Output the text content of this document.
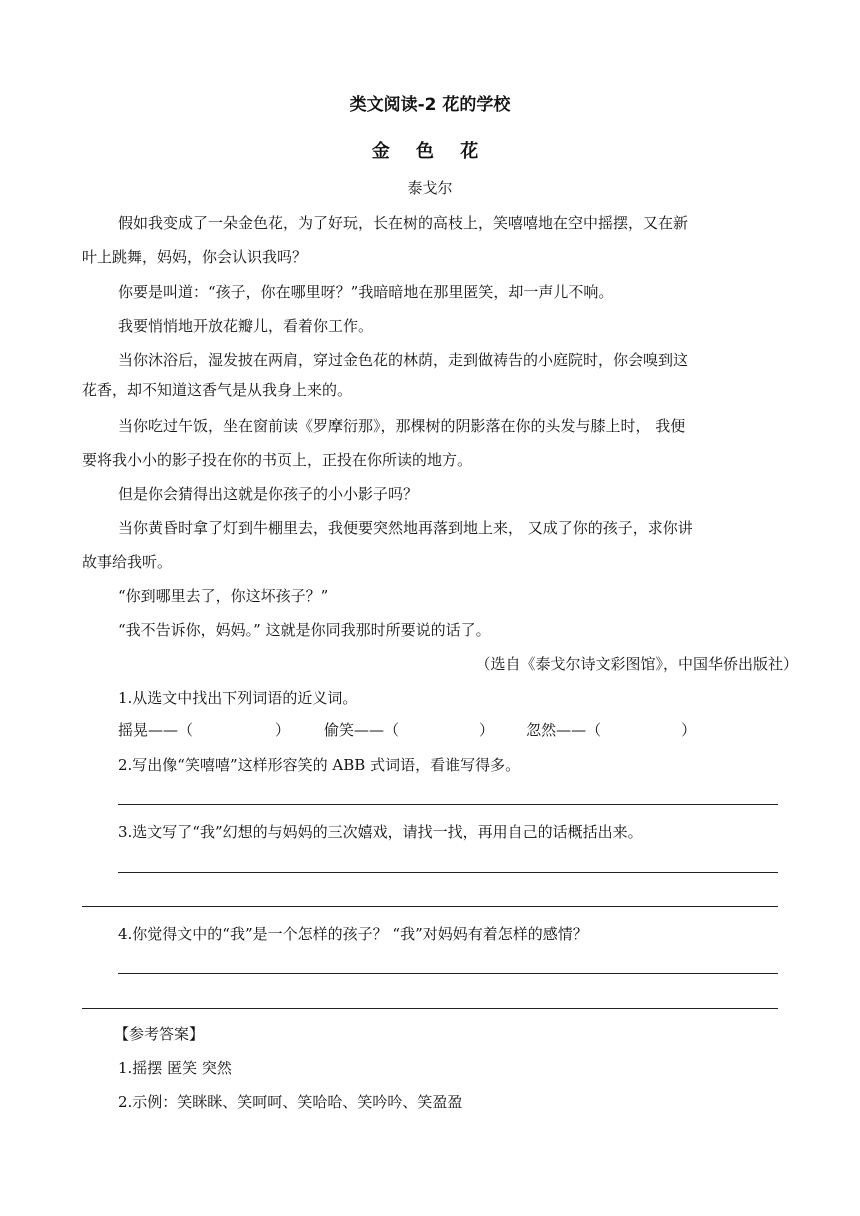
类文阅读-2 花的学校
金 色 花
泰戈尔
假如我变成了一朵金色花，为了好玩，长在树的高枝上，笑嘻嘻地在空中摇摆，又在新
叶上跳舞，妈妈，你会认识我吗？
你要是叫道：“孩子，你在哪里呀？”我暗暗地在那里匿笑，却一声儿不响。
我要悄悄地开放花瓣儿，看着你工作。
当你沐浴后，湿发披在两肩，穿过金色花的林荫，走到做祷告的小庭院时，你会嗅到这
花香，却不知道这香气是从我身上来的。
当你吃过午饭，坐在窗前读《罗摩衍那》，那棵树的阴影落在你的头发与膝上时， 我便
要将我小小的影子投在你的书页上，正投在你所读的地方。
但是你会猜得出这就是你孩子的小小影子吗？
当你黄昏时拿了灯到牛棚里去，我便要突然地再落到地上来， 又成了你的孩子，求你讲
故事给我听。
“你到哪里去了，你这坏孩子？”
“我不告诉你，妈妈。” 这就是你同我那时所要说的话了。
（选自《泰戈尔诗文彩图馆》，中国华侨出版社）
1.从选文中找出下列词语的近义词。
摇晃——（	） 偷笑——（	） 忽然——（	）
2.写出像“笑嘻嘻”这样形容笑的 ABB 式词语，看谁写得多。
3.选文写了“我”幻想的与妈妈的三次嬉戏，请找一找，再用自己的话概括出来。
4.你觉得文中的“我”是一个怎样的孩子？ “我”对妈妈有着怎样的感情？
【参考答案】
1.摇摆 匿笑 突然
2.示例：笑眯眯、笑呵呵、笑哈哈、笑吟吟、笑盈盈
